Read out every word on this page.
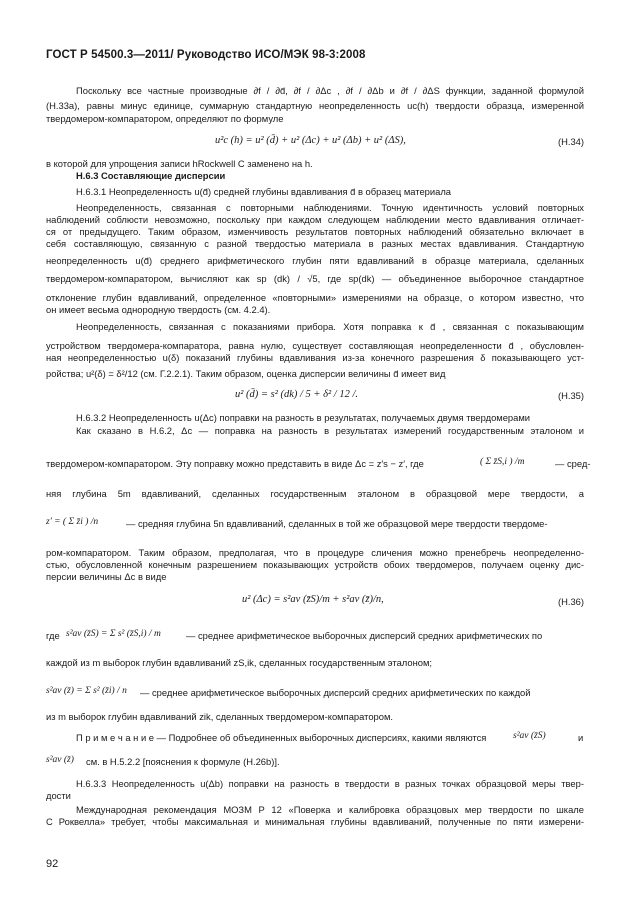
ГОСТ Р 54500.3—2011/ Руководство ИСО/МЭК 98-3:2008
Поскольку все частные производные ∂f / ∂d̄, ∂f / ∂Δc , ∂f / ∂Δb и ∂f / ∂ΔS функции, заданной формулой
(Н.33а), равны минус единице, суммарную стандартную неопределенность uc(h) твердости образца, измеренной
твердомером-компаратором, определяют по формуле
u²c (h) = u² (d̄) + u² (Δc) + u² (Δb) + u² (ΔS),	(Н.34)
в которой для упрощения записи hRockwell C заменено на h.
Н.6.3 Составляющие дисперсии
Н.6.3.1 Неопределенность u(d̄) средней глубины вдавливания d̄ в образец материала
Неопределенность, связанная с повторными наблюдениями. Точную идентичность условий повторных
наблюдений соблюсти невозможно, поскольку при каждом следующем наблюдении место вдавливания отличает-
ся от предыдущего. Таким образом, изменчивость результатов повторных наблюдений обязательно включает в
себя составляющую, связанную с разной твердостью материала в разных местах вдавливания. Стандартную
неопределенность u(d̄) среднего арифметического глубин пяти вдавливаний в образце материала, сделанных
твердомером-компаратором, вычисляют как sp (dk) / √5, где sp(dk) — объединенное выборочное стандартное
отклонение глубин вдавливаний, определенное «повторными» измерениями на образце, о котором известно, что
он имеет весьма однородную твердость (см. 4.2.4).
Неопределенность, связанная с показаниями прибора. Хотя поправка к d̄ , связанная с показывающим
устройством твердомера-компаратора, равна нулю, существует составляющая неопределенности d̄ , обусловлен-
ная неопределенностью u(δ) показаний глубины вдавливания из-за конечного разрешения δ показывающего уст-
ройства; u²(δ) = δ²/12 (см. Г.2.2.1). Таким образом, оценка дисперсии величины d̄ имеет вид
u² (d̄) = s² (dk) / 5 + δ² / 12 /.	(Н.35)
Н.6.3.2 Неопределенность u(Δc) поправки на разность в результатах, получаемых двумя твердомерами
Как сказано в Н.6.2, Δc — поправка на разность в результатах измерений государственным эталоном и
твердомером-компаратором. Эту поправку можно представить в виде Δc = z′s − z′, где	( Σ z̄S,i ) /m	— сред-
няя глубина 5m вдавливаний, сделанных государственным эталоном в образцовой мере твердости, а
z′ = ( Σ z̄i ) /n	— средняя глубина 5n вдавливаний, сделанных в той же образцовой мере твердости твердоме-
ром-компаратором. Таким образом, предполагая, что в процедуре сличения можно пренебречь неопределенно-
стью, обусловленной конечным разрешением показывающих устройств обоих твердомеров, получаем оценку дис-
персии величины Δc в виде
u² (Δc) = s²av (z̄S)/m + s²av (z̄)/n,	(Н.36)
где s²av (z̄S) = Σ s² (z̄S,i) / m	— среднее арифметическое выборочных дисперсий средних арифметических по
каждой из m выборок глубин вдавливаний zS,ik, сделанных государственным эталоном;
s²av (z̄) = Σ s² (z̄i) / n — среднее арифметическое выборочных дисперсий средних арифметических по каждой
из m выборок глубин вдавливаний zik, сделанных твердомером-компаратором.
П р и м е ч а н и е — Подробнее об объединенных выборочных дисперсиях, какими являются	s²av (z̄S)	и
s²av (z̄) см. в Н.5.2.2 [пояснения к формуле (Н.26b)].
Н.6.3.3 Неопределенность u(Δb) поправки на разность в твердости в разных точках образцовой меры твер-
дости
Международная рекомендация МОЗМ Р 12 «Поверка и калибровка образцовых мер твердости по шкале
С Роквелла» требует, чтобы максимальная и минимальная глубины вдавливаний, полученные по пяти измерени-
92
